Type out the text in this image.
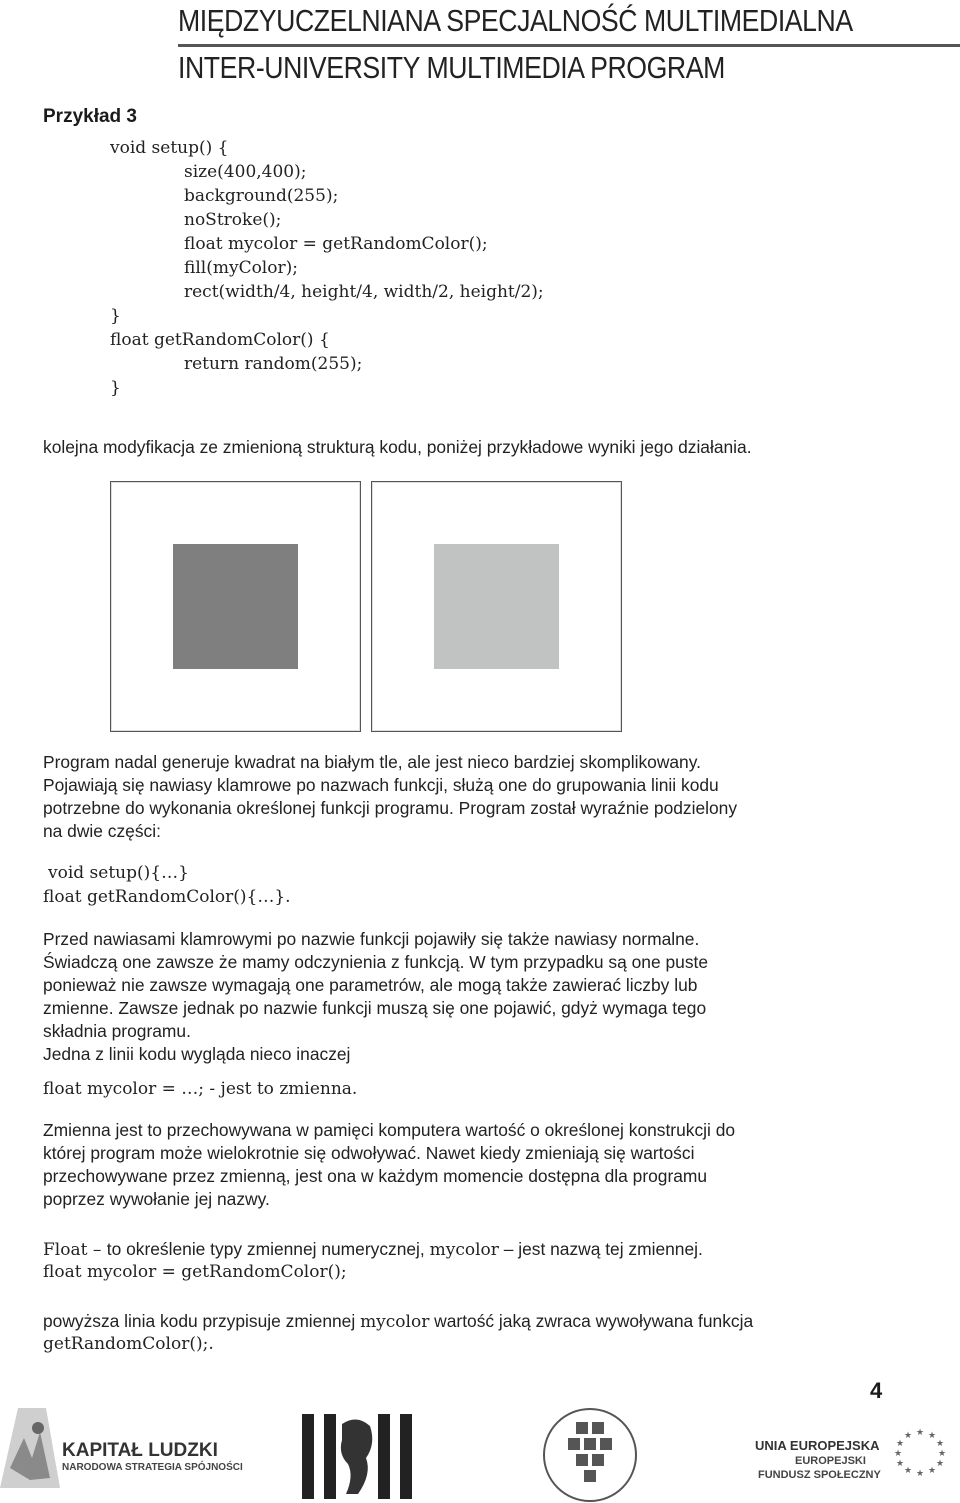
MIĘDZYUCZELNIANA SPECJALNOŚĆ MULTIMEDIALNA
INTER-UNIVERSITY MULTIMEDIA PROGRAM
Przykład 3
void setup() {
size(400,400);
background(255);
noStroke();
float mycolor = getRandomColor();
fill(myColor);
rect(width/4, height/4, width/2, height/2);
}
float getRandomColor() {
return random(255);
}
kolejna modyfikacja ze zmienioną strukturą kodu, poniżej przykładowe wyniki jego działania.
Program nadal generuje kwadrat na białym tle, ale jest nieco bardziej skomplikowany.
Pojawiają się nawiasy klamrowe po nazwach funkcji, służą one do grupowania linii kodu
potrzebne do wykonania określonej funkcji programu. Program został wyraźnie podzielony
na dwie części:
void setup(){…}
float getRandomColor(){…}.
Przed nawiasami klamrowymi po nazwie funkcji pojawiły się także nawiasy normalne.
Świadczą one zawsze że mamy odczynienia z funkcją. W tym przypadku są one puste
ponieważ nie zawsze wymagają one parametrów, ale mogą także zawierać liczby lub
zmienne. Zawsze jednak po nazwie funkcji muszą się one pojawić, gdyż wymaga tego
składnia programu.
Jedna z linii kodu wygląda nieco inaczej
float mycolor = …; - jest to zmienna.
Zmienna jest to przechowywana w pamięci komputera wartość o określonej konstrukcji do
której program może wielokrotnie się odwoływać. Nawet kiedy zmieniają się wartości
przechowywane przez zmienną, jest ona w każdym momencie dostępna dla programu
poprzez wywołanie jej nazwy.
Float – to określenie typy zmiennej numerycznej, mycolor – jest nazwą tej zmiennej.
float mycolor = getRandomColor();
powyższa linia kodu przypisuje zmiennej mycolor wartość jaką zwraca wywoływana funkcja
getRandomColor();.
4
KAPITAŁ LUDZKI
NARODOWA STRATEGIA SPÓJNOŚCI
UNIA EUROPEJSKA
EUROPEJSKI
FUNDUSZ SPOŁECZNY
★ ★
★
★
★
★
★
★
★
★
★
★
